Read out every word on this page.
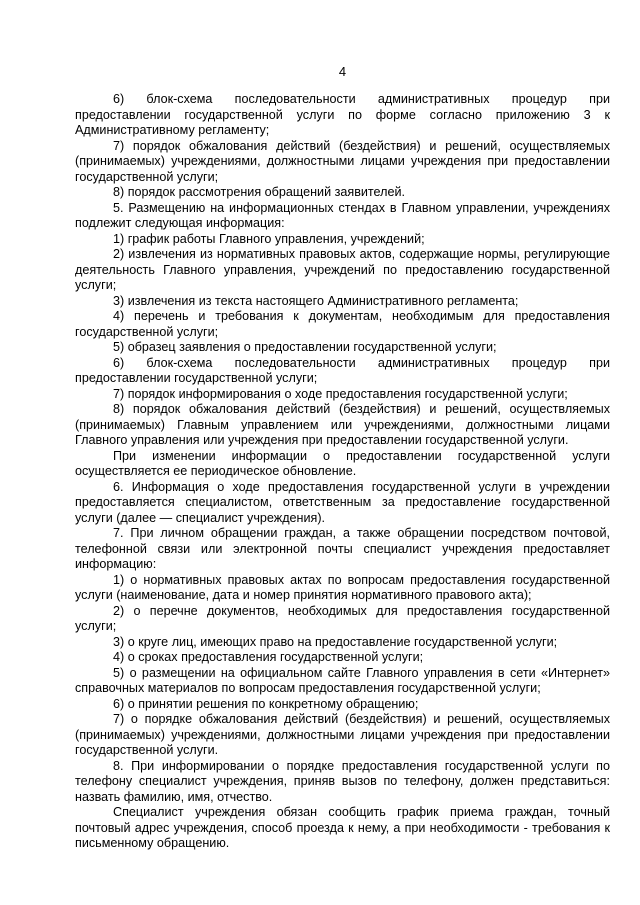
4

6) блок-схема последовательности административных процедур при предоставлении государственной услуги по форме согласно приложению 3 к Административному регламенту;

7) порядок обжалования действий (бездействия) и решений, осуществляемых (принимаемых) учреждениями, должностными лицами учреждения при предоставлении государственной услуги;

8) порядок рассмотрения обращений заявителей.

5. Размещению на информационных стендах в Главном управлении, учреждениях подлежит следующая информация:

1) график работы Главного управления, учреждений;

2) извлечения из нормативных правовых актов, содержащие нормы, регулирующие деятельность Главного управления, учреждений по предоставлению государственной услуги;

3) извлечения из текста настоящего Административного регламента;

4) перечень и требования к документам, необходимым для предоставления государственной услуги;

5) образец заявления о предоставлении государственной услуги;

6) блок-схема последовательности административных процедур при предоставлении государственной услуги;

7) порядок информирования о ходе предоставления государственной услуги;

8) порядок обжалования действий (бездействия) и решений, осуществляемых (принимаемых) Главным управлением или учреждениями, должностными лицами Главного управления или учреждения при предоставлении государственной услуги.

При изменении информации о предоставлении государственной услуги осуществляется ее периодическое обновление.

6. Информация о ходе предоставления государственной услуги в учреждении предоставляется специалистом, ответственным за предоставление государственной услуги (далее — специалист учреждения).

7. При личном обращении граждан, а также обращении посредством почтовой, телефонной связи или электронной почты специалист учреждения предоставляет информацию:

1) о нормативных правовых актах по вопросам предоставления государственной услуги (наименование, дата и номер принятия нормативного правового акта);

2) о перечне документов, необходимых для предоставления государственной услуги;

3) о круге лиц, имеющих право на предоставление государственной услуги;

4) о сроках предоставления государственной услуги;

5) о размещении на официальном сайте Главного управления в сети «Интернет» справочных материалов по вопросам предоставления государственной услуги;

6) о принятии решения по конкретному обращению;

7) о порядке обжалования действий (бездействия) и решений, осуществляемых (принимаемых) учреждениями, должностными лицами учреждения при предоставлении государственной услуги.

8. При информировании о порядке предоставления государственной услуги по телефону специалист учреждения, приняв вызов по телефону, должен представиться: назвать фамилию, имя, отчество.

Специалист учреждения обязан сообщить график приема граждан, точный почтовый адрес учреждения, способ проезда к нему, а при необходимости - требования к письменному обращению.
